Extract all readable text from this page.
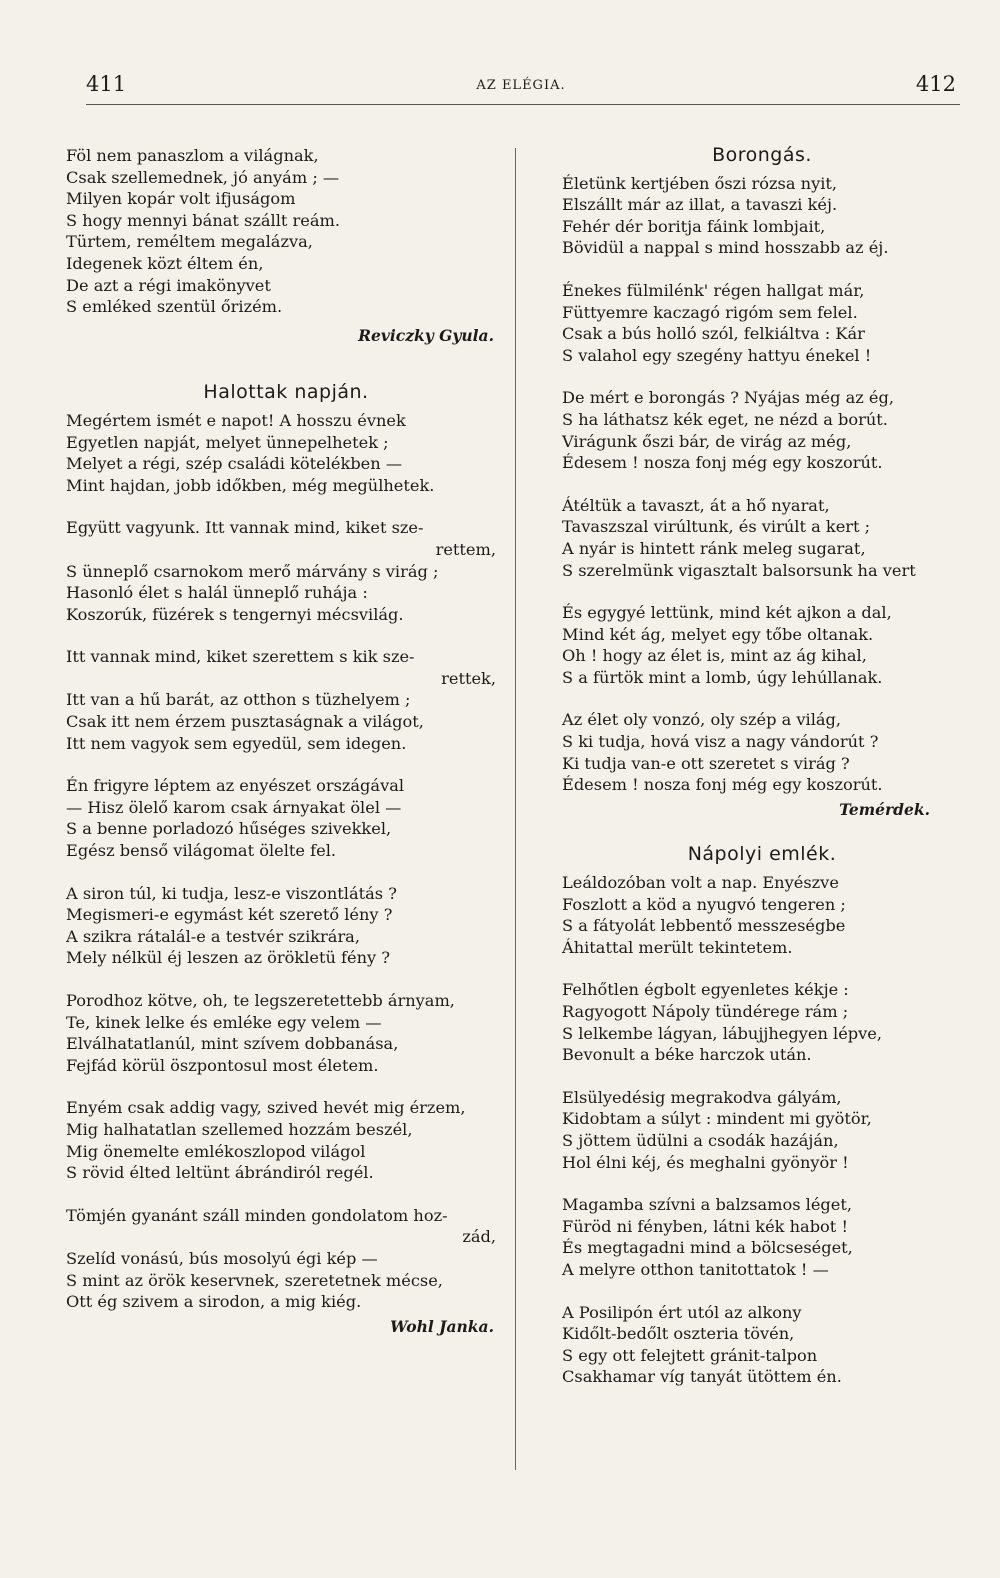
411	AZ ELÉGIA.	412
Föl nem panaszlom a világnak,
Csak szellemednek, jó anyám ; —
Milyen kopár volt ifjuságom
S hogy mennyi bánat szállt reám.
Türtem, reméltem megalázva,
Idegenek közt éltem én,
De azt a régi imakönyvet
S emléked szentül őrizém.
Reviczky Gyula.
Halottak napján.
Megértem ismét e napot! A hosszu évnek
Egyetlen napját, melyet ünnepelhetek ;
Melyet a régi, szép családi kötelékben —
Mint hajdan, jobb időkben, még megülhetek.
Együtt vagyunk. Itt vannak mind, kiket sze-
rettem,
S ünneplő csarnokom merő márvány s virág ;
Hasonló élet s halál ünneplő ruhája :
Koszorúk, füzérek s tengernyi mécsvilág.
Itt vannak mind, kiket szerettem s kik sze-
rettek,
Itt van a hű barát, az otthon s tüzhelyem ;
Csak itt nem érzem pusztaságnak a világot,
Itt nem vagyok sem egyedül, sem idegen.
Én frigyre léptem az enyészet országával
— Hisz ölelő karom csak árnyakat ölel —
S a benne porladozó hűséges szivekkel,
Egész benső világomat ölelte fel.
A siron túl, ki tudja, lesz-e viszontlátás ?
Megismeri-e egymást két szerető lény ?
A szikra rátalál-e a testvér szikrára,
Mely nélkül éj leszen az örökletü fény ?
Porodhoz kötve, oh, te legszeretettebb árnyam,
Te, kinek lelke és emléke egy velem —
Elválhatatlanúl, mint szívem dobbanása,
Fejfád körül öszpontosul most életem.
Enyém csak addig vagy, szived hevét mig érzem,
Mig halhatatlan szellemed hozzám beszél,
Mig önemelte emlékoszlopod világol
S rövid élted leltünt ábrándiról regél.
Tömjén gyanánt száll minden gondolatom hoz-
zád,
Szelíd vonású, bús mosolyú égi kép —
S mint az örök keservnek, szeretetnek mécse,
Ott ég szivem a sirodon, a mig kiég.
Wohl Janka.
Borongás.
Életünk kertjében őszi rózsa nyit,
Elszállt már az illat, a tavaszi kéj.
Fehér dér boritja fáink lombjait,
Bövidül a nappal s mind hosszabb az éj.
Énekes fülmilénk' régen hallgat már,
Füttyemre kaczagó rigóm sem felel.
Csak a bús holló szól, felkiáltva : Kár
S valahol egy szegény hattyu énekel !
De mért e borongás ? Nyájas még az ég,
S ha láthatsz kék eget, ne nézd a borút.
Virágunk őszi bár, de virág az még,
Édesem ! nosza fonj még egy koszorút.
Átéltük a tavaszt, át a hő nyarat,
Tavaszszal virúltunk, és virúlt a kert ;
A nyár is hintett ránk meleg sugarat,
S szerelmünk vigasztalt balsorsunk ha vert
És egygyé lettünk, mind két ajkon a dal,
Mind két ág, melyet egy tőbe oltanak.
Oh ! hogy az élet is, mint az ág kihal,
S a fürtök mint a lomb, úgy lehúllanak.
Az élet oly vonzó, oly szép a világ,
S ki tudja, hová visz a nagy vándorút ?
Ki tudja van-e ott szeretet s virág ?
Édesem ! nosza fonj még egy koszorút.
Temérdek.
Nápolyi emlék.
Leáldozóban volt a nap. Enyészve
Foszlott a köd a nyugvó tengeren ;
S a fátyolát lebbentő messzeségbe
Áhitattal merült tekintetem.
Felhőtlen égbolt egyenletes kékje :
Ragyogott Nápoly tündérege rám ;
S lelkembe lágyan, lábujjhegyen lépve,
Bevonult a béke harczok után.
Elsülyedésig megrakodva gályám,
Kidobtam a súlyt : mindent mi gyötör,
S jöttem üdülni a csodák hazáján,
Hol élni kéj, és meghalni gyönyör !
Magamba szívni a balzsamos léget,
Füröd ni fényben, látni kék habot !
És megtagadni mind a bölcseséget,
A melyre otthon tanitottatok ! —
A Posilipón ért utól az alkony
Kidőlt-bedőlt oszteria tövén,
S egy ott felejtett gránit-talpon
Csakhamar víg tanyát ütöttem én.
